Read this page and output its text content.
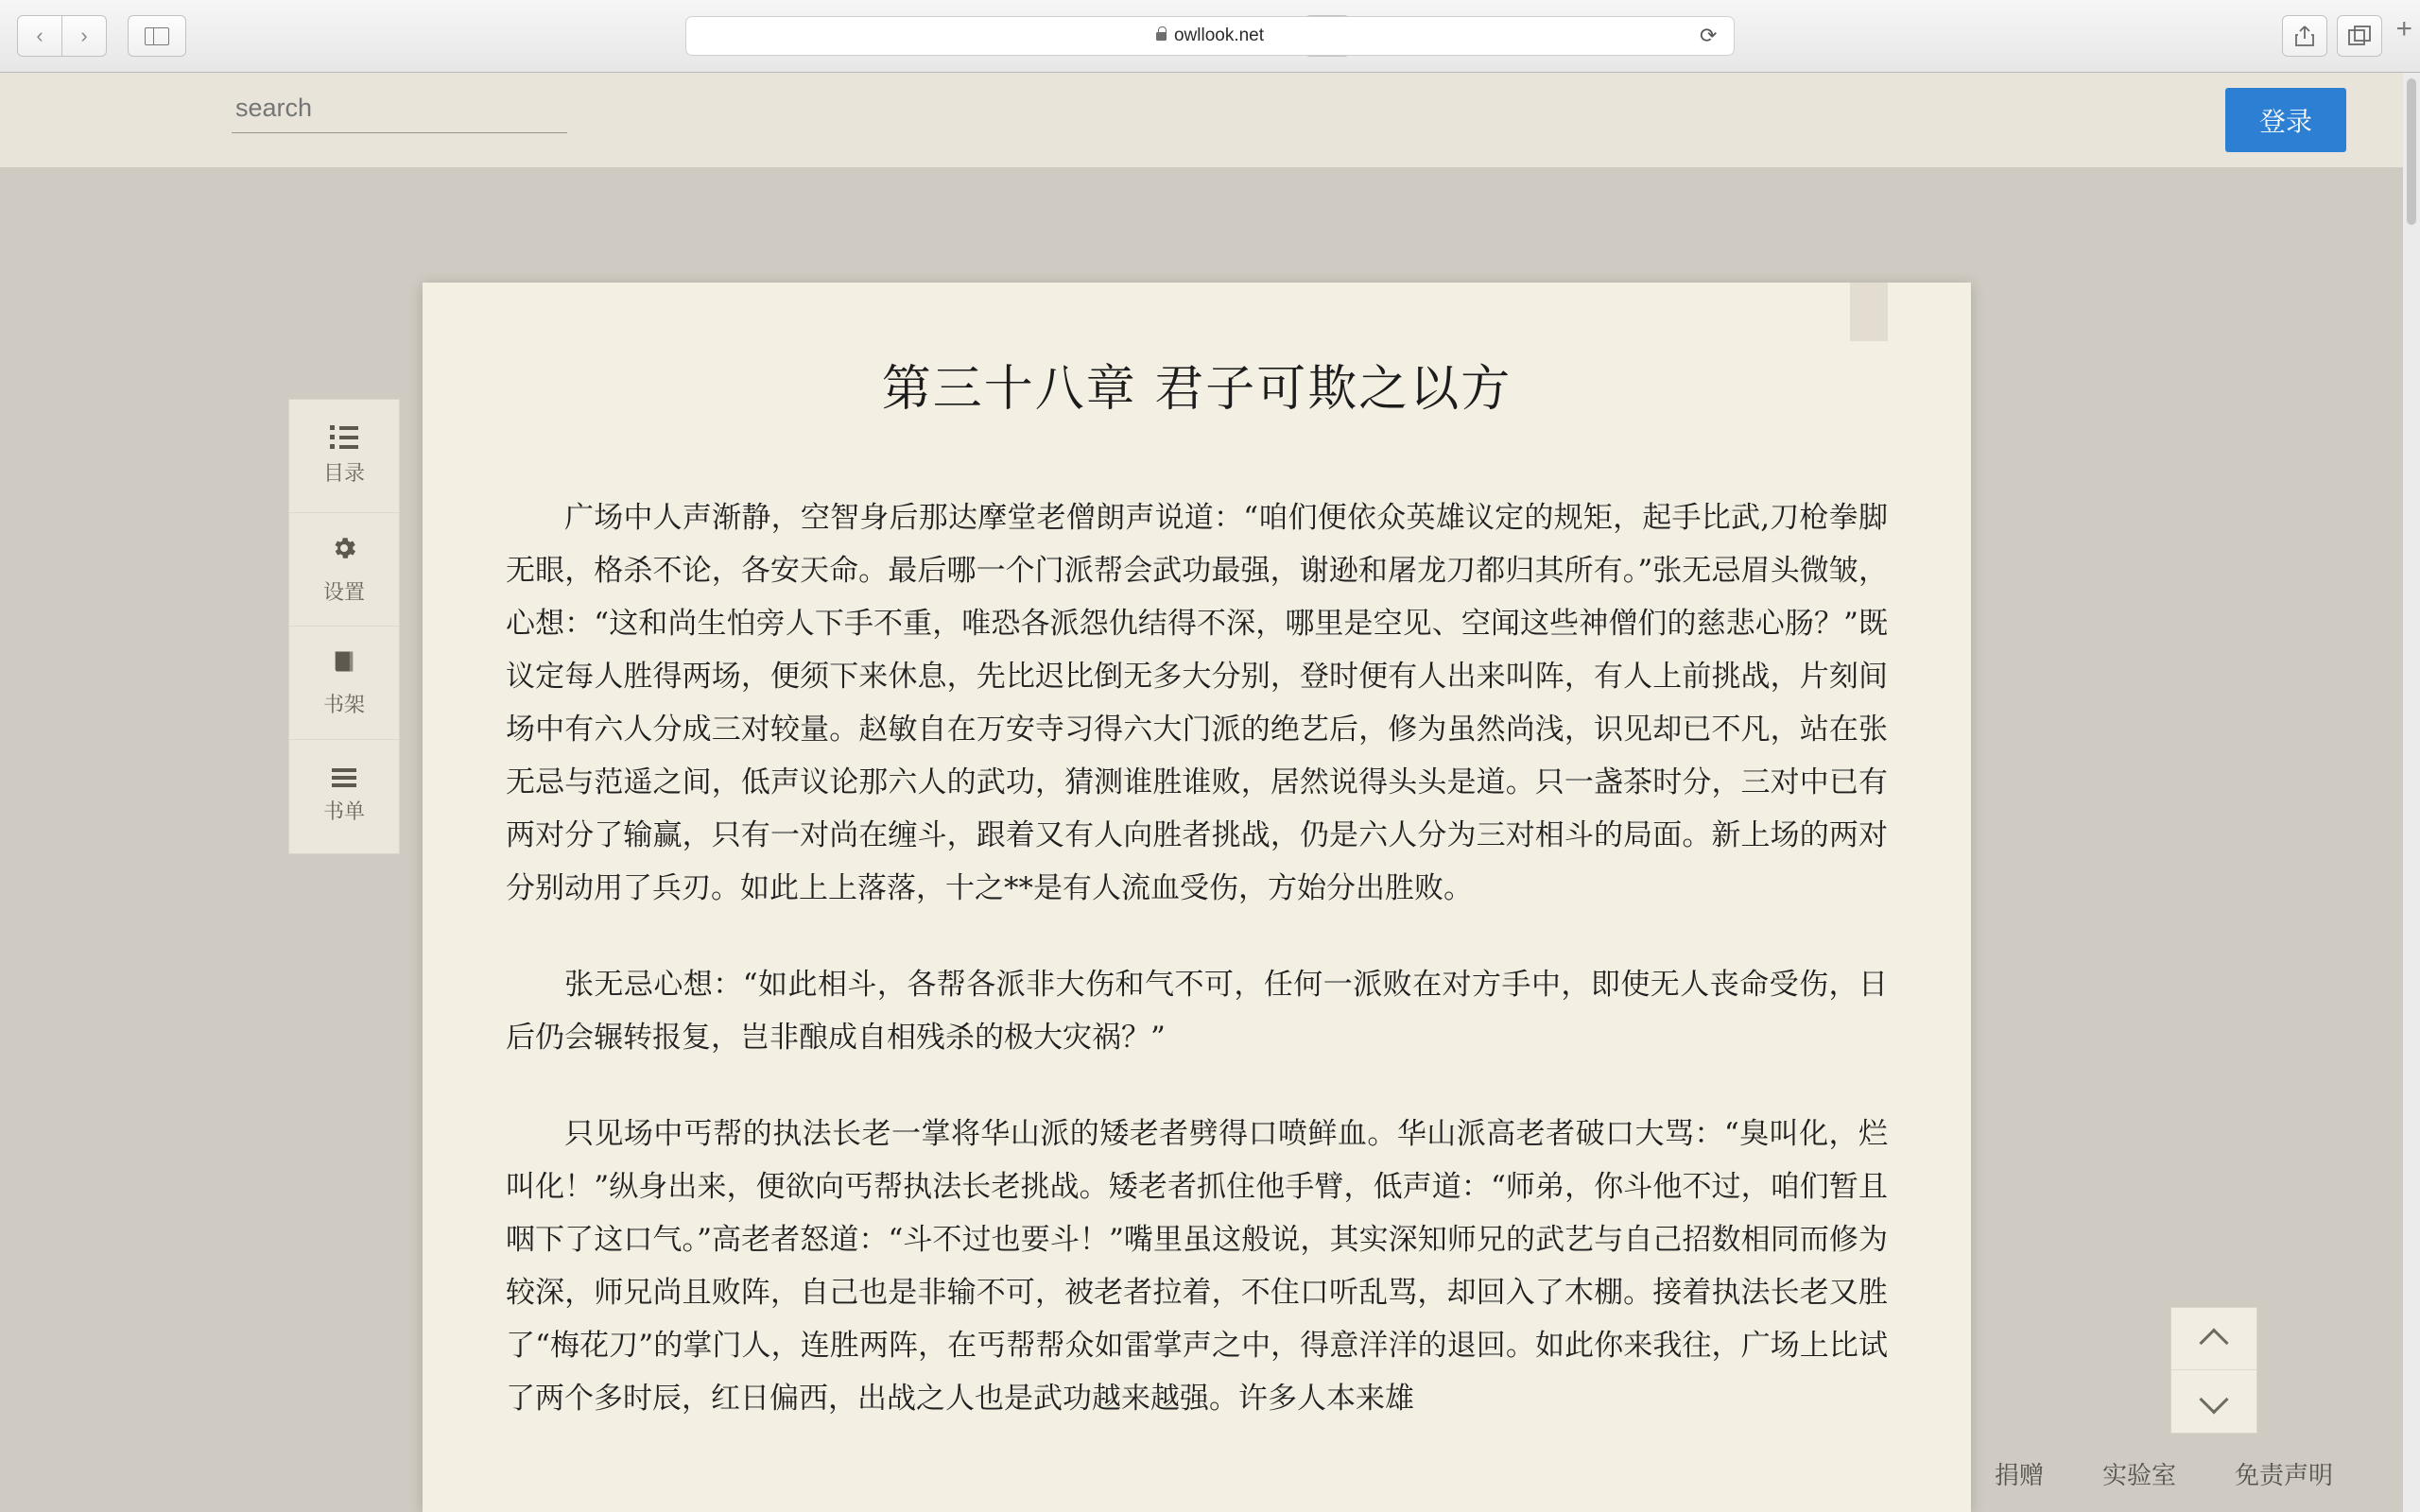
‹ ›	owllook.net	⟳	+
search
登录
目录
设置
书架
书单
第三十八章 君子可欺之以方

广场中人声渐静，空智身后那达摩堂老僧朗声说道：“咱们便依众英雄议定的规矩，起手比武,刀枪拳脚无眼，格杀不论，各安天命。最后哪一个门派帮会武功最强，谢逊和屠龙刀都归其所有。”张无忌眉头微皱，心想：“这和尚生怕旁人下手不重，唯恐各派怨仇结得不深，哪里是空见、空闻这些神僧们的慈悲心肠？”既议定每人胜得两场，便须下来休息，先比迟比倒无多大分别，登时便有人出来叫阵，有人上前挑战，片刻间场中有六人分成三对较量。赵敏自在万安寺习得六大门派的绝艺后，修为虽然尚浅，识见却已不凡，站在张无忌与范遥之间，低声议论那六人的武功，猜测谁胜谁败，居然说得头头是道。只一盏茶时分，三对中已有两对分了输赢，只有一对尚在缠斗，跟着又有人向胜者挑战，仍是六人分为三对相斗的局面。新上场的两对分别动用了兵刃。如此上上落落，十之**是有人流血受伤，方始分出胜败。

张无忌心想：“如此相斗，各帮各派非大伤和气不可，任何一派败在对方手中，即使无人丧命受伤，日后仍会辗转报复，岂非酿成自相残杀的极大灾祸？”

只见场中丐帮的执法长老一掌将华山派的矮老者劈得口喷鲜血。华山派高老者破口大骂：“臭叫化，烂叫化！”纵身出来，便欲向丐帮执法长老挑战。矮老者抓住他手臂，低声道：“师弟，你斗他不过，咱们暂且咽下了这口气。”高老者怒道：“斗不过也要斗！”嘴里虽这般说，其实深知师兄的武艺与自己招数相同而修为较深，师兄尚且败阵，自己也是非输不可，被老者拉着，不住口听乱骂，却回入了木棚。接着执法长老又胜了“梅花刀”的掌门人，连胜两阵，在丐帮帮众如雷掌声之中，得意洋洋的退回。如此你来我往，广场上比试了两个多时辰，红日偏西，出战之人也是武功越来越强。许多人本来雄

捐赠 实验室 免责声明
